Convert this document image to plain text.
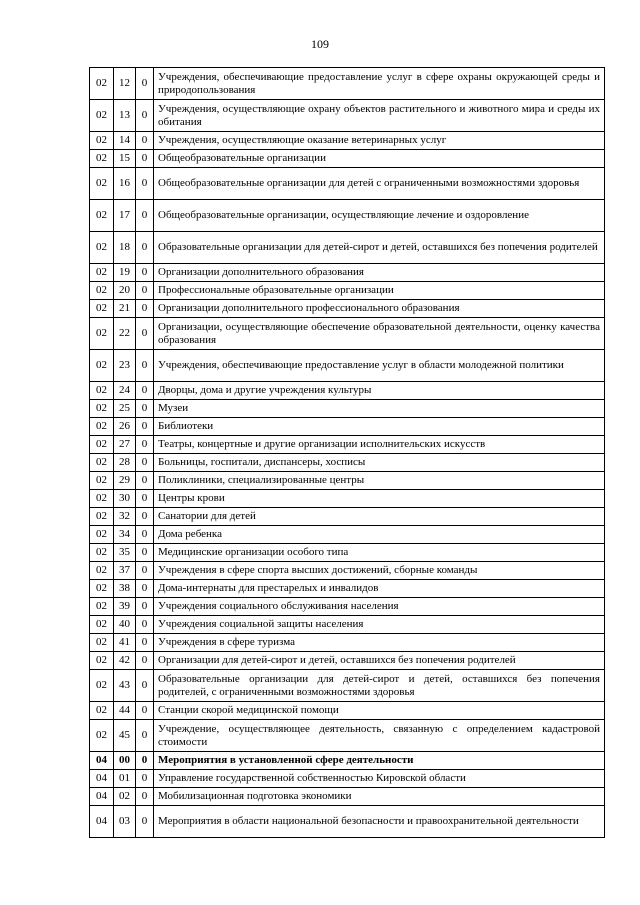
109
02	12	0	Учреждения, обеспечивающие предоставление услуг в сфере охраны окружающей среды и природопользования
02	13	0	Учреждения, осуществляющие охрану объектов растительного и животного мира и среды их обитания
02	14	0	Учреждения, осуществляющие оказание ветеринарных услуг
02	15	0	Общеобразовательные организации
02	16	0	Общеобразовательные организации для детей с ограниченными возможностями здоровья
02	17	0	Общеобразовательные организации, осуществляющие лечение и оздоровление
02	18	0	Образовательные организации для детей-сирот и детей, оставшихся без попечения родителей
02	19	0	Организации дополнительного образования
02	20	0	Профессиональные образовательные организации
02	21	0	Организации дополнительного профессионального образования
02	22	0	Организации, осуществляющие обеспечение образовательной деятельности, оценку качества образования
02	23	0	Учреждения, обеспечивающие предоставление услуг в области молодежной политики
02	24	0	Дворцы, дома и другие учреждения культуры
02	25	0	Музеи
02	26	0	Библиотеки
02	27	0	Театры, концертные и другие организации исполнительских искусств
02	28	0	Больницы, госпитали, диспансеры, хосписы
02	29	0	Поликлиники, специализированные центры
02	30	0	Центры крови
02	32	0	Санатории для детей
02	34	0	Дома ребенка
02	35	0	Медицинские организации особого типа
02	37	0	Учреждения в сфере спорта высших достижений, сборные команды
02	38	0	Дома-интернаты для престарелых и инвалидов
02	39	0	Учреждения социального обслуживания населения
02	40	0	Учреждения социальной защиты населения
02	41	0	Учреждения в сфере туризма
02	42	0	Организации для детей-сирот и детей, оставшихся без попечения родителей
02	43	0	Образовательные организации для детей-сирот и детей, оставшихся без попечения родителей, с ограниченными возможностями здоровья
02	44	0	Станции скорой медицинской помощи
02	45	0	Учреждение, осуществляющее деятельность, связанную с определением кадастровой стоимости
04	00	0	Мероприятия в установленной сфере деятельности
04	01	0	Управление государственной собственностью Кировской области
04	02	0	Мобилизационная подготовка экономики
04	03	0	Мероприятия в области национальной безопасности и правоохранительной деятельности
